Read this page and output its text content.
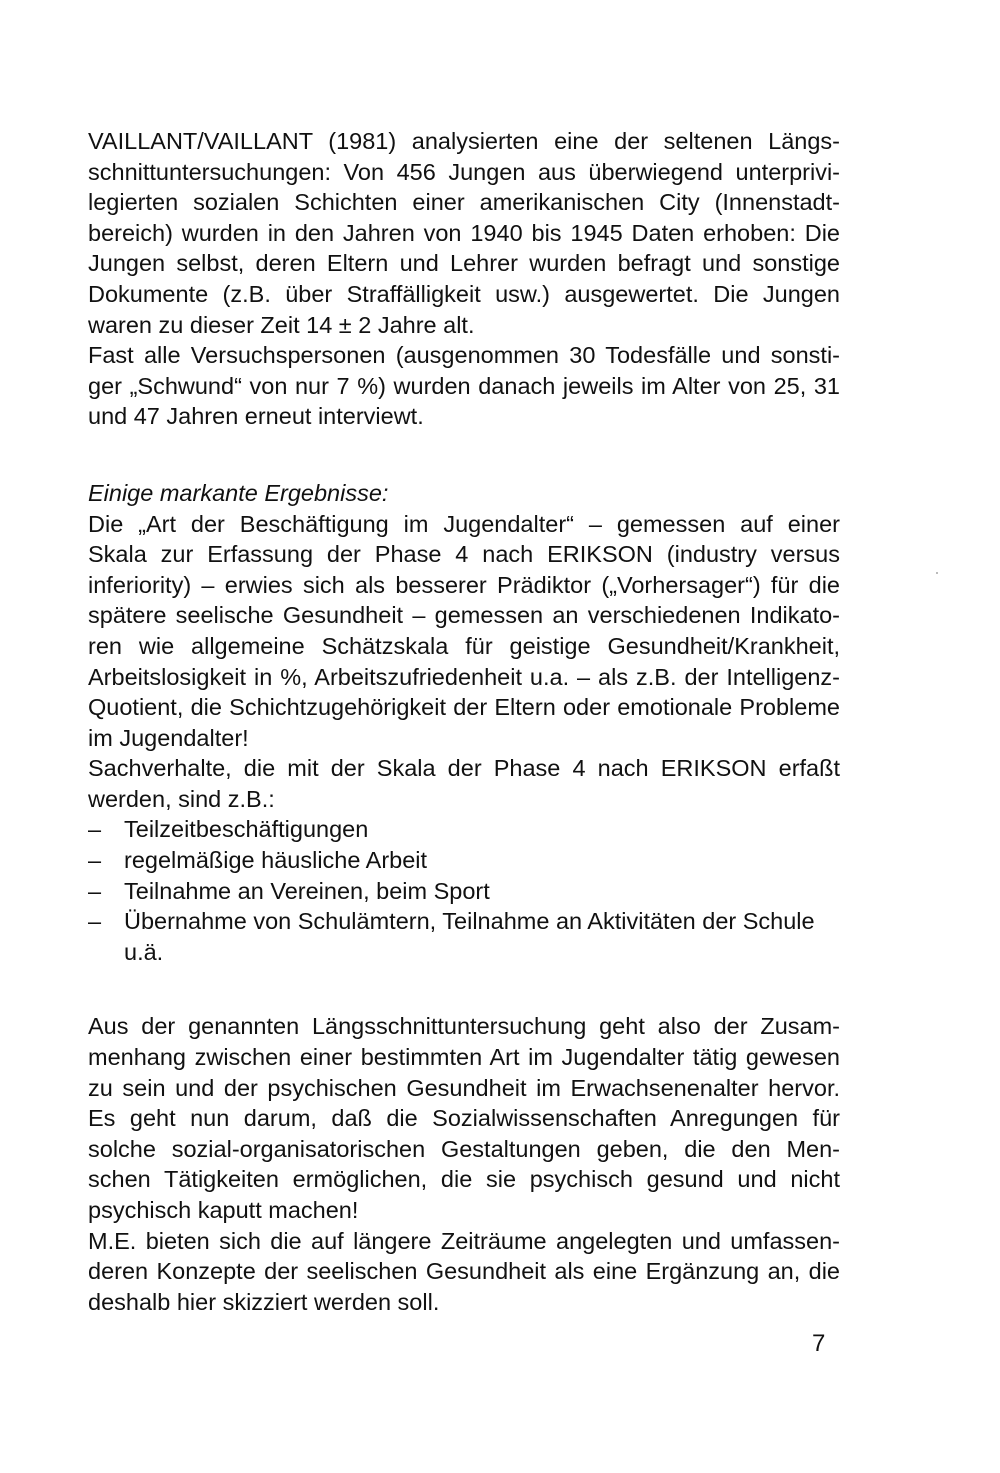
VAILLANT/VAILLANT (1981) analysierten eine der seltenen Längs-
schnittuntersuchungen: Von 456 Jungen aus überwiegend unterprivi-
legierten sozialen Schichten einer amerikanischen City (Innenstadt-
bereich) wurden in den Jahren von 1940 bis 1945 Daten erhoben: Die
Jungen selbst, deren Eltern und Lehrer wurden befragt und sonstige
Dokumente (z.B. über Straffälligkeit usw.) ausgewertet. Die Jungen
waren zu dieser Zeit 14 ± 2 Jahre alt.
Fast alle Versuchspersonen (ausgenommen 30 Todesfälle und sonsti-
ger „Schwund“ von nur 7 %) wurden danach jeweils im Alter von 25, 31
und 47 Jahren erneut interviewt.
Einige markante Ergebnisse:
Die „Art der Beschäftigung im Jugendalter“ – gemessen auf einer
Skala zur Erfassung der Phase 4 nach ERIKSON (industry versus
inferiority) – erwies sich als besserer Prädiktor („Vorhersager“) für die
spätere seelische Gesundheit – gemessen an verschiedenen Indikato-
ren wie allgemeine Schätzskala für geistige Gesundheit/Krankheit,
Arbeitslosigkeit in %, Arbeitszufriedenheit u.a. – als z.B. der Intelligenz-
Quotient, die Schichtzugehörigkeit der Eltern oder emotionale Probleme
im Jugendalter!
Sachverhalte, die mit der Skala der Phase 4 nach ERIKSON erfaßt
werden, sind z.B.:
– Teilzeitbeschäftigungen
– regelmäßige häusliche Arbeit
– Teilnahme an Vereinen, beim Sport
– Übernahme von Schulämtern, Teilnahme an Aktivitäten der Schule
u.ä.
Aus der genannten Längsschnittuntersuchung geht also der Zusam-
menhang zwischen einer bestimmten Art im Jugendalter tätig gewesen
zu sein und der psychischen Gesundheit im Erwachsenenalter hervor.
Es geht nun darum, daß die Sozialwissenschaften Anregungen für
solche sozial-organisatorischen Gestaltungen geben, die den Men-
schen Tätigkeiten ermöglichen, die sie psychisch gesund und nicht
psychisch kaputt machen!
M.E. bieten sich die auf längere Zeiträume angelegten und umfassen-
deren Konzepte der seelischen Gesundheit als eine Ergänzung an, die
deshalb hier skizziert werden soll.
7
